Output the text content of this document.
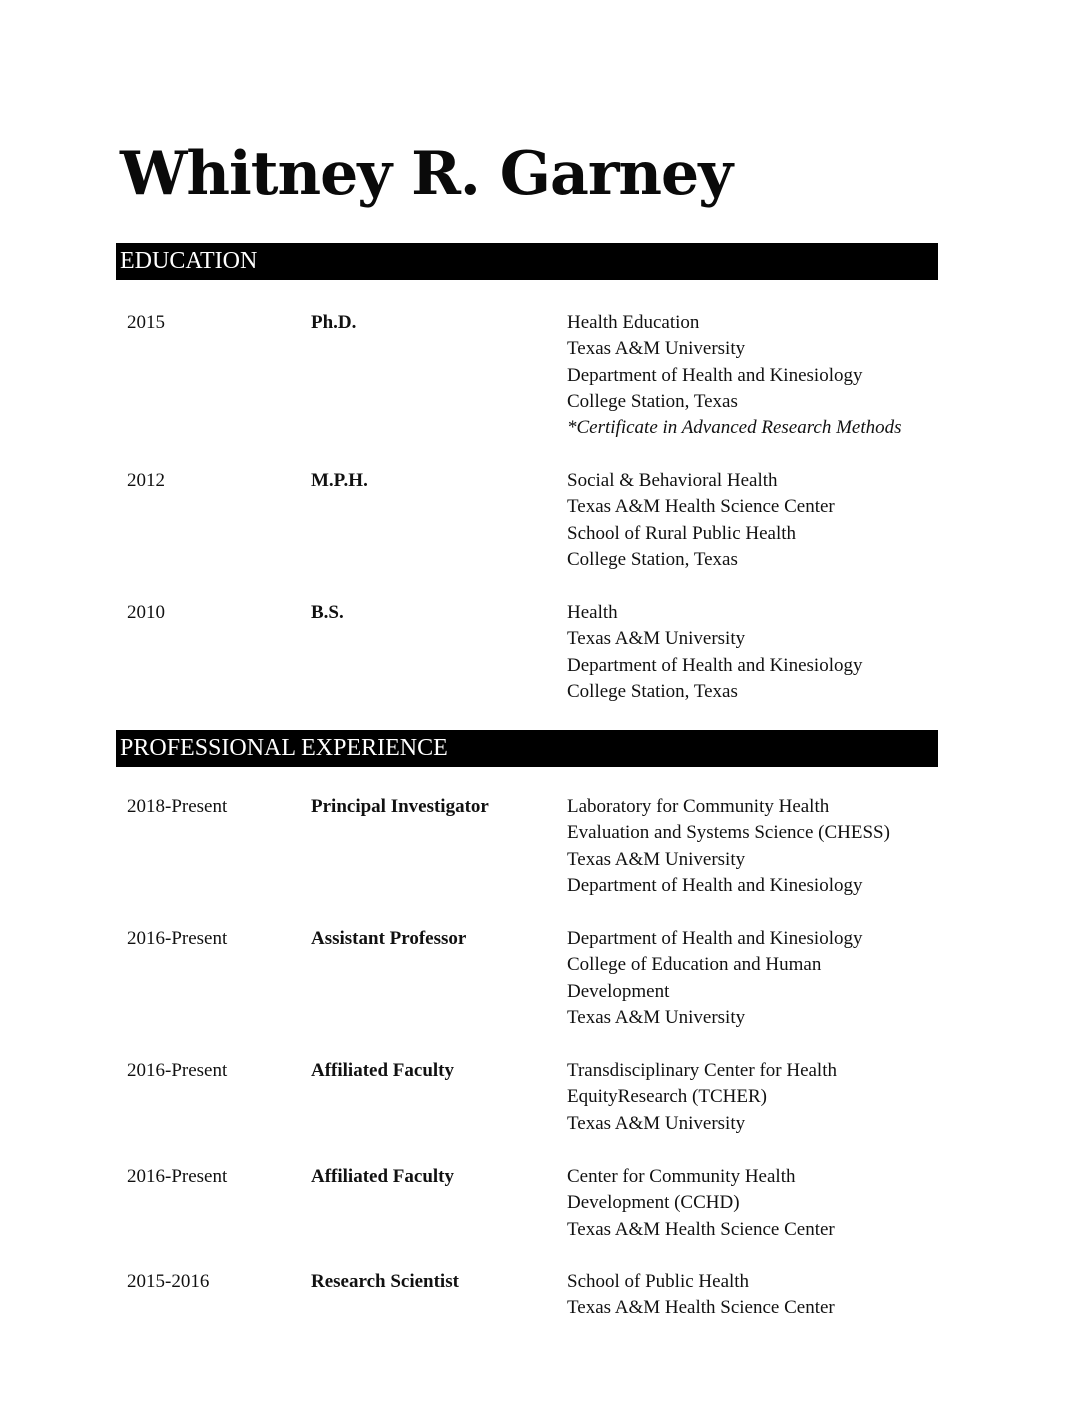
Whitney R. Garney
EDUCATION
2015	Ph.D.	Health Education
Texas A&M University
Department of Health and Kinesiology
College Station, Texas
*Certificate in Advanced Research Methods
2012	M.P.H.	Social & Behavioral Health
Texas A&M Health Science Center
School of Rural Public Health
College Station, Texas
2010	B.S.	Health
Texas A&M University
Department of Health and Kinesiology
College Station, Texas
PROFESSIONAL EXPERIENCE
2018-Present	Principal Investigator	Laboratory for Community Health
Evaluation and Systems Science (CHESS)
Texas A&M University
Department of Health and Kinesiology
2016-Present	Assistant Professor	Department of Health and Kinesiology
College of Education and Human
Development
Texas A&M University
2016-Present	Affiliated Faculty	Transdisciplinary Center for Health
EquityResearch (TCHER)
Texas A&M University
2016-Present	Affiliated Faculty	Center for Community Health
Development (CCHD)
Texas A&M Health Science Center
2015-2016	Research Scientist	School of Public Health
Texas A&M Health Science Center
